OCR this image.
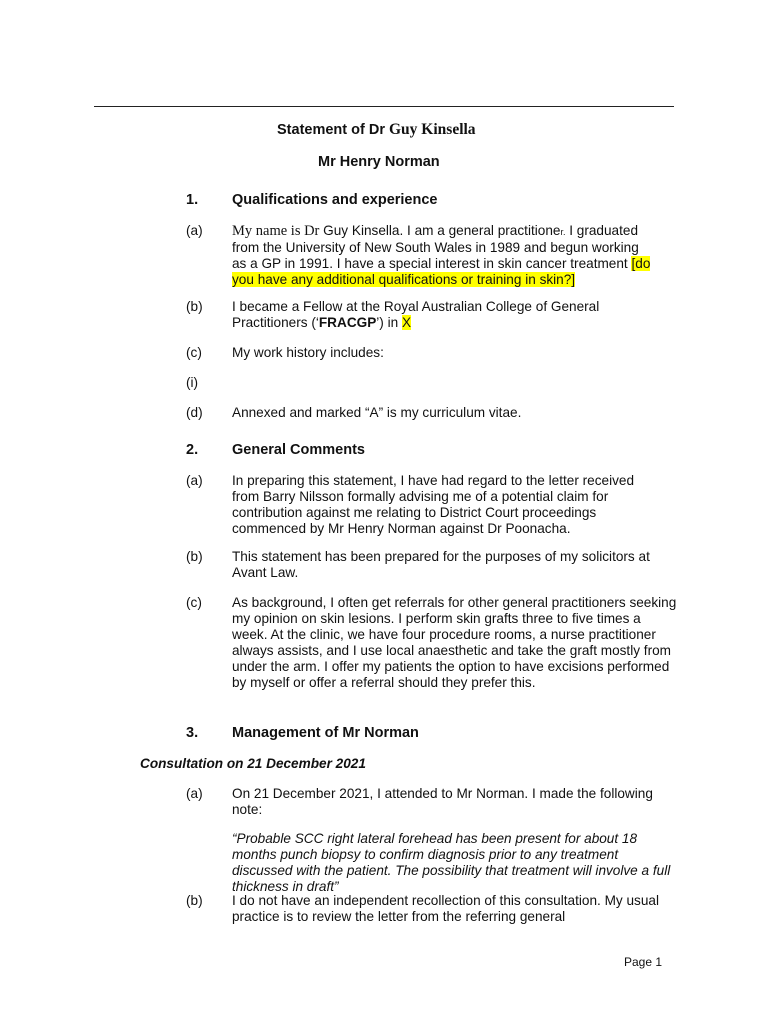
Statement of Dr Guy Kinsella
Mr Henry Norman
1. Qualifications and experience
(a) My name is Dr Guy Kinsella. I am a general practitioner. I graduated
from the University of New South Wales in 1989 and begun working
as a GP in 1991. I have a special interest in skin cancer treatment [do
you have any additional qualifications or training in skin?]
(b) I became a Fellow at the Royal Australian College of General
Practitioners (‘FRACGP’) in X
(c) My work history includes:
(i)
(d) Annexed and marked “A” is my curriculum vitae.
2. General Comments
(a) In preparing this statement, I have had regard to the letter received from Barry Nilsson formally advising me of a potential claim for contribution against me relating to District Court proceedings commenced by Mr Henry Norman against Dr Poonacha.
(b) This statement has been prepared for the purposes of my solicitors at Avant Law.
(c) As background, I often get referrals for other general practitioners seeking my opinion on skin lesions. I perform skin grafts three to five times a week. At the clinic, we have four procedure rooms, a nurse practitioner always assists, and I use local anaesthetic and take the graft mostly from under the arm. I offer my patients the option to have excisions performed by myself or offer a referral should they prefer this.
3. Management of Mr Norman
Consultation on 21 December 2021
(a) On 21 December 2021, I attended to Mr Norman. I made the following note:
“Probable SCC right lateral forehead has been present for about 18 months punch biopsy to confirm diagnosis prior to any treatment discussed with the patient. The possibility that treatment will involve a full thickness in draft”
(b) I do not have an independent recollection of this consultation. My usual practice is to review the letter from the referring general
Page 1
